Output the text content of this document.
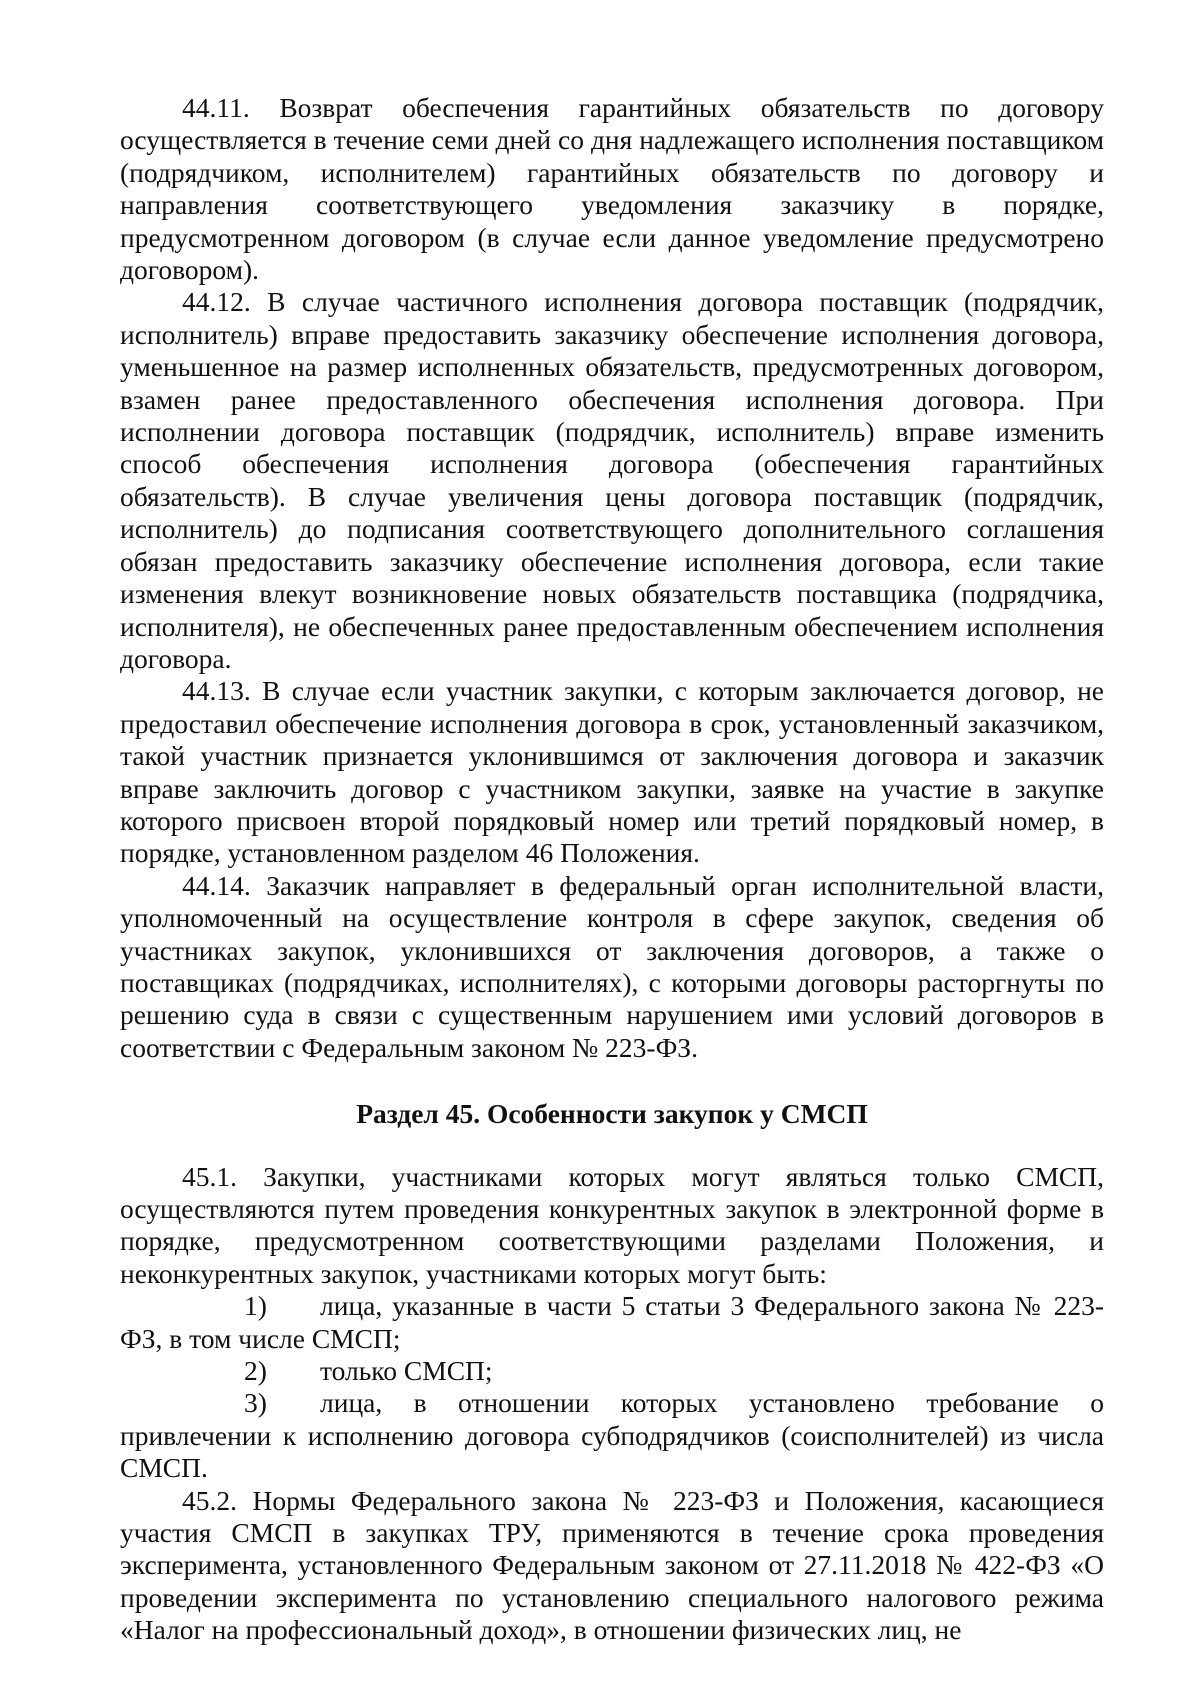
44.11. Возврат обеспечения гарантийных обязательств по договору осуществляется в течение семи дней со дня надлежащего исполнения поставщиком (подрядчиком, исполнителем) гарантийных обязательств по договору и направления соответствующего уведомления заказчику в порядке, предусмотренном договором (в случае если данное уведомление предусмотрено договором).

44.12. В случае частичного исполнения договора поставщик (подрядчик, исполнитель) вправе предоставить заказчику обеспечение исполнения договора, уменьшенное на размер исполненных обязательств, предусмотренных договором, взамен ранее предоставленного обеспечения исполнения договора. При исполнении договора поставщик (подрядчик, исполнитель) вправе изменить способ обеспечения исполнения договора (обеспечения гарантийных обязательств). В случае увеличения цены договора поставщик (подрядчик, исполнитель) до подписания соответствующего дополнительного соглашения обязан предоставить заказчику обеспечение исполнения договора, если такие изменения влекут возникновение новых обязательств поставщика (подрядчика, исполнителя), не обеспеченных ранее предоставленным обеспечением исполнения договора.

44.13. В случае если участник закупки, с которым заключается договор, не предоставил обеспечение исполнения договора в срок, установленный заказчиком, такой участник признается уклонившимся от заключения договора и заказчик вправе заключить договор с участником закупки, заявке на участие в закупке которого присвоен второй порядковый номер или третий порядковый номер, в порядке, установленном разделом 46 Положения.

44.14. Заказчик направляет в федеральный орган исполнительной власти, уполномоченный на осуществление контроля в сфере закупок, сведения об участниках закупок, уклонившихся от заключения договоров, а также о поставщиках (подрядчиках, исполнителях), с которыми договоры расторгнуты по решению суда в связи с существенным нарушением ими условий договоров в соответствии с Федеральным законом № 223-ФЗ.

Раздел 45. Особенности закупок у СМСП

45.1. Закупки, участниками которых могут являться только СМСП, осуществляются путем проведения конкурентных закупок в электронной форме в порядке, предусмотренном соответствующими разделами Положения, и неконкурентных закупок, участниками которых могут быть:

1) лица, указанные в части 5 статьи 3 Федерального закона № 223-ФЗ, в том числе СМСП;

2) только СМСП;

3) лица, в отношении которых установлено требование о привлечении к исполнению договора субподрядчиков (соисполнителей) из числа СМСП.

45.2. Нормы Федерального закона № 223-ФЗ и Положения, касающиеся участия СМСП в закупках ТРУ, применяются в течение срока проведения эксперимента, установленного Федеральным законом от 27.11.2018 № 422-ФЗ «О проведении эксперимента по установлению специального налогового режима «Налог на профессиональный доход», в отношении физических лиц, не
